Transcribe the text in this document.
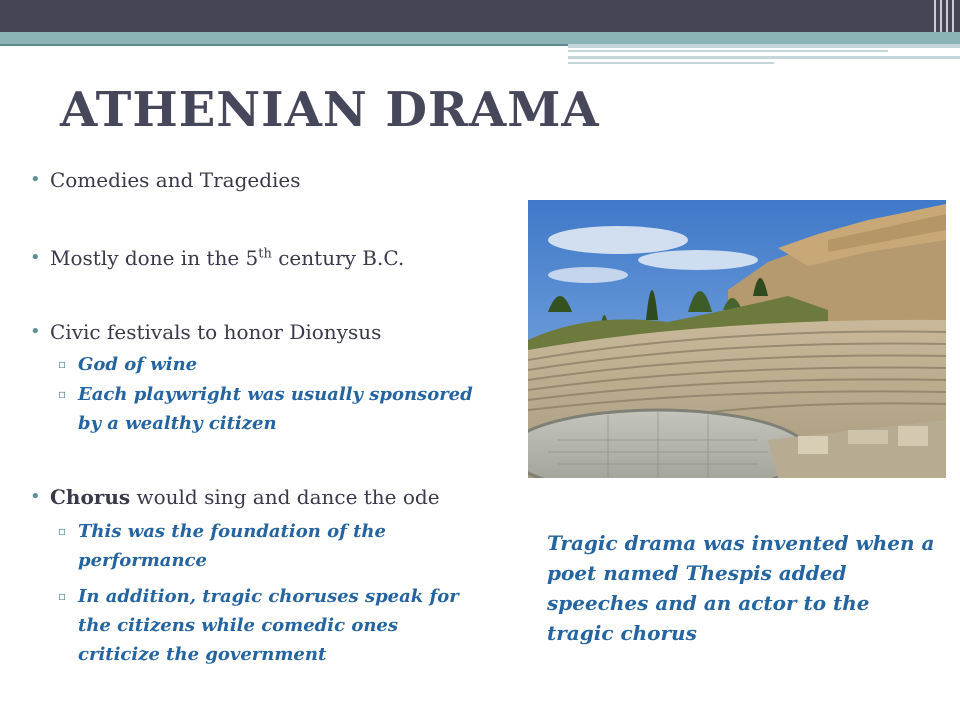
ATHENIAN DRAMA
• Comedies and Tragedies
• Mostly done in the 5th century B.C.
• Civic festivals to honor Dionysus
▫ God of wine
▫ Each playwright was usually sponsored by a wealthy citizen
• Chorus would sing and dance the ode
▫ This was the foundation of the performance
▫ In addition, tragic choruses speak for the citizens while comedic ones criticize the government
Tragic drama was invented when a poet named Thespis added speeches and an actor to the tragic chorus
